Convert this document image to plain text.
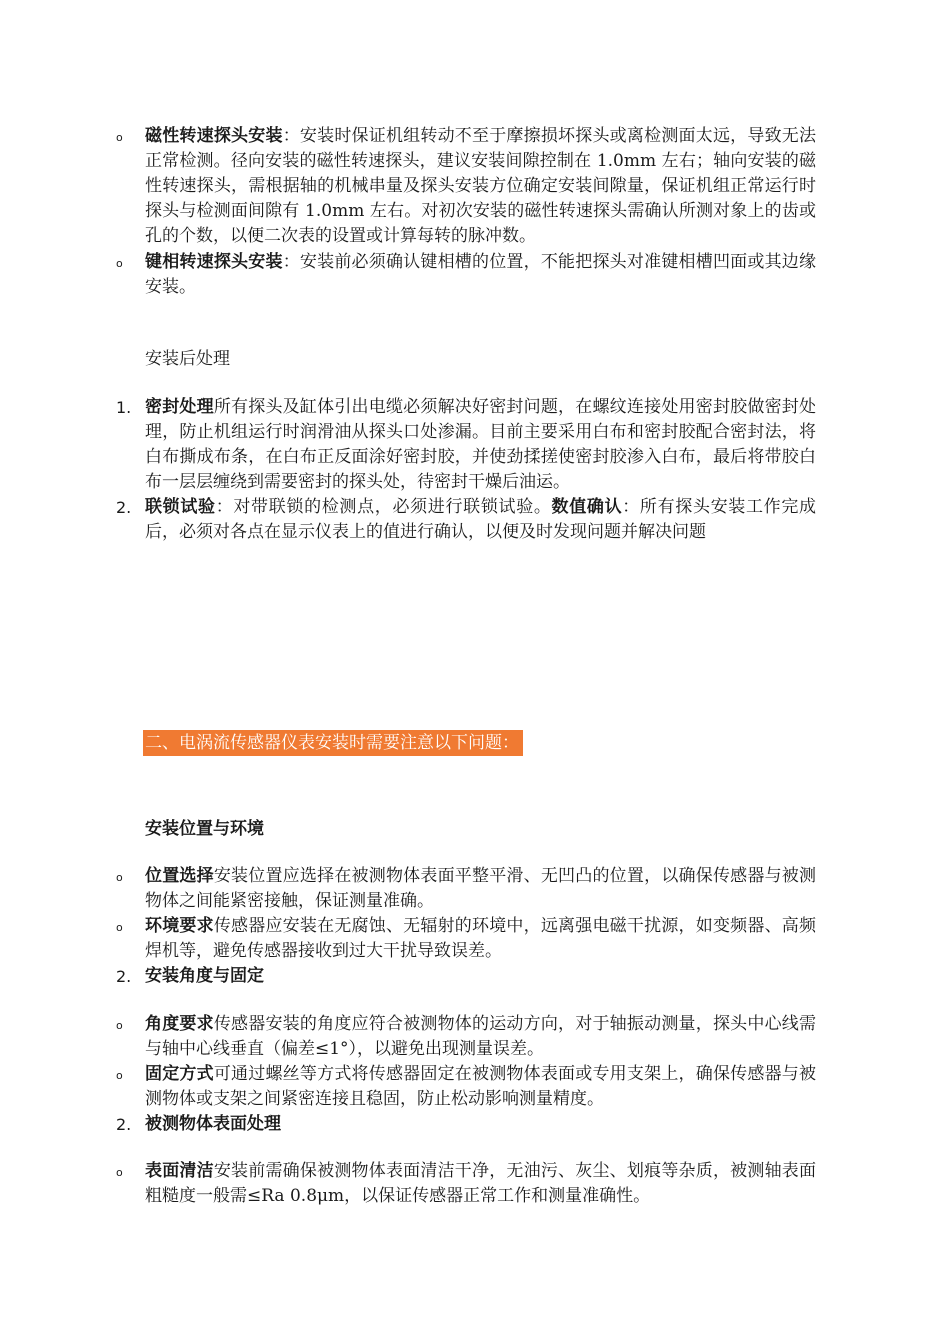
o	磁性转速探头安装：安装时保证机组转动不至于摩擦损坏探头或离检测面太远，导致无法正常检测。径向安装的磁性转速探头，建议安装间隙控制在 1.0mm 左右；轴向安装的磁性转速探头，需根据轴的机械串量及探头安装方位确定安装间隙量，保证机组正常运行时探头与检测面间隙有 1.0mm 左右。对初次安装的磁性转速探头需确认所测对象上的齿或孔的个数，以便二次表的设置或计算每转的脉冲数。
o	键相转速探头安装：安装前必须确认键相槽的位置，不能把探头对准键相槽凹面或其边缘安装。
安装后处理
1. 密封处理所有探头及缸体引出电缆必须解决好密封问题，在螺纹连接处用密封胶做密封处理，防止机组运行时润滑油从探头口处渗漏。目前主要采用白布和密封胶配合密封法，将白布撕成布条，在白布正反面涂好密封胶，并使劲揉搓使密封胶渗入白布，最后将带胶白布一层层缠绕到需要密封的探头处，待密封干燥后油运。
2. 联锁试验：对带联锁的检测点，必须进行联锁试验。数值确认：所有探头安装工作完成后，必须对各点在显示仪表上的值进行确认，以便及时发现问题并解决问题
二、电涡流传感器仪表安装时需要注意以下问题：
安装位置与环境
o	位置选择安装位置应选择在被测物体表面平整平滑、无凹凸的位置，以确保传感器与被测物体之间能紧密接触，保证测量准确。
o	环境要求传感器应安装在无腐蚀、无辐射的环境中，远离强电磁干扰源，如变频器、高频焊机等，避免传感器接收到过大干扰导致误差。
2. 安装角度与固定
o	角度要求传感器安装的角度应符合被测物体的运动方向，对于轴振动测量，探头中心线需与轴中心线垂直（偏差≤1°），以避免出现测量误差。
o	固定方式可通过螺丝等方式将传感器固定在被测物体表面或专用支架上，确保传感器与被测物体或支架之间紧密连接且稳固，防止松动影响测量精度。
2. 被测物体表面处理
o	表面清洁安装前需确保被测物体表面清洁干净，无油污、灰尘、划痕等杂质，被测轴表面粗糙度一般需≤Ra 0.8μm，以保证传感器正常工作和测量准确性。
